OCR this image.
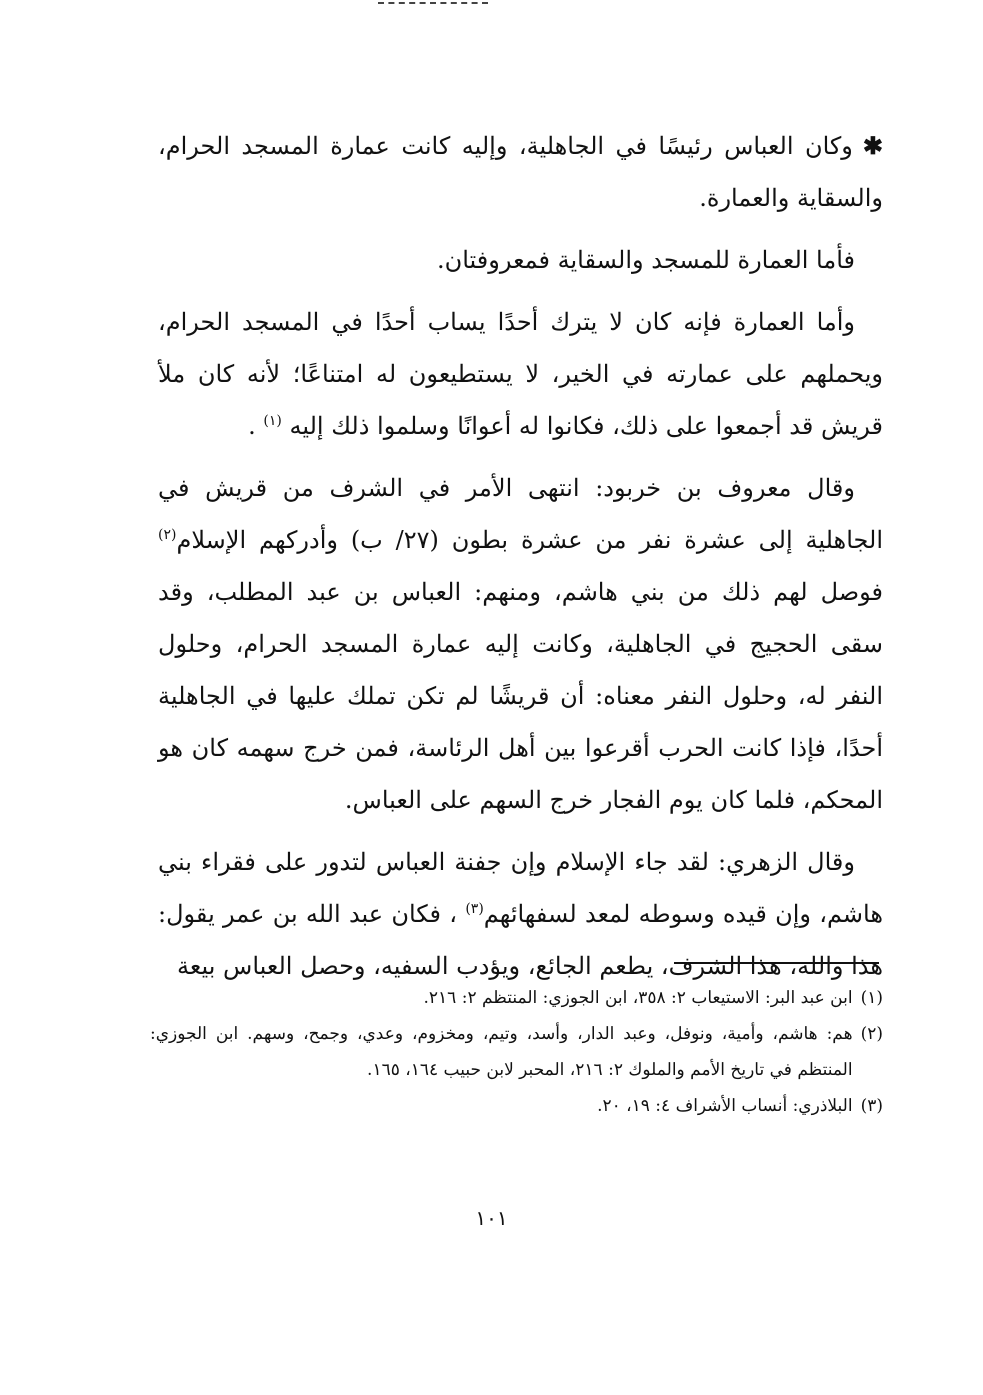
✱وكان العباس رئيسًا في الجاهلية، وإليه كانت عمارة المسجد الحرام، والسقاية والعمارة.

فأما العمارة للمسجد والسقاية فمعروفتان.

وأما العمارة فإنه كان لا يترك أحدًا يساب أحدًا في المسجد الحرام، ويحملهم على عمارته في الخير، لا يستطيعون له امتناعًا؛ لأنه كان ملأ قريش قد أجمعوا على ذلك، فكانوا له أعوانًا وسلموا ذلك إليه $^{(١)}$ .

وقال معروف بن خربود: انتهى الأمر في الشرف من قريش في الجاهلية إلى عشرة نفر من عشرة بطون (٢٧/ ب) وأدركهم الإسلام$^{(٢)}$ فوصل لهم ذلك من بني هاشم، ومنهم: العباس بن عبد المطلب، وقد سقى الحجيج في الجاهلية، وكانت إليه عمارة المسجد الحرام، وحلول النفر له، وحلول النفر معناه: أن قريشًا لم تكن تملك عليها في الجاهلية أحدًا، فإذا كانت الحرب أقرعوا بين أهل الرئاسة، فمن خرج سهمه كان هو المحكم، فلما كان يوم الفجار خرج السهم على العباس.

وقال الزهري: لقد جاء الإسلام وإن جفنة العباس لتدور على فقراء بني هاشم، وإن قيده وسوطه لمعد لسفهائهم$^{(٣)}$ ، فكان عبد الله بن عمر يقول: هذا والله، هذا الشرف، يطعم الجائع، ويؤدب السفيه، وحصل العباس بيعة

(١)
ابن عبد البر: الاستيعاب ٢: ٣٥٨، ابن الجوزي: المنتظم ٢: ٢١٦.

(٢)
هم: هاشم، وأمية، ونوفل، وعبد الدار، وأسد، وتيم، ومخزوم، وعدي، وجمح، وسهم. ابن الجوزي: المنتظم في تاريخ الأمم والملوك ٢: ٢١٦، المحبر لابن حبيب ١٦٤، ١٦٥.

(٣)
البلاذري: أنساب الأشراف ٤: ١٩، ٢٠.

١٠١
